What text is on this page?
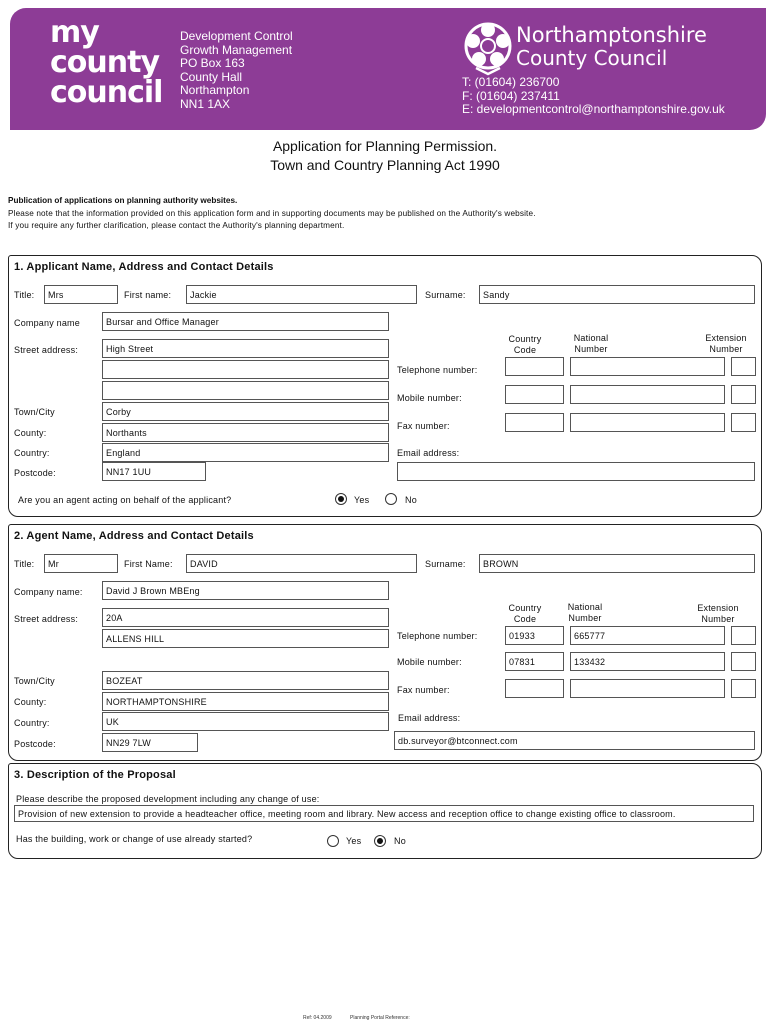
my
county
council
Development Control
Growth Management
PO Box 163
County Hall
Northampton
NN1 1AX
Northamptonshire
County Council
T: (01604) 236700
F: (01604) 237411
E: developmentcontrol@northamptonshire.gov.uk
Application for Planning Permission.
Town and Country Planning Act 1990
Publication of applications on planning authority websites.
Please note that the information provided on this application form and in supporting documents may be published on the Authority's website.
If you require any further clarification, please contact the Authority's planning department.
1. Applicant Name, Address and Contact Details
Title:	Mrs	First name:	Jackie	Surname:	Sandy
Company name	Bursar and Office Manager
Street address:	High Street
Town/City	Corby
County:	Northants
Country:	England
Postcode:	NN17 1UU
Country
Code
National
Number
Extension
Number
Telephone number:
Mobile number:
Fax number:
Email address:
Are you an agent acting on behalf of the applicant?	Yes	No
2. Agent Name, Address and Contact Details
Title:	Mr	First Name:	DAVID	Surname:	BROWN
Company name:	David J Brown MBEng
Street address:	20A
ALLENS HILL
Town/City	BOZEAT
County:	NORTHAMPTONSHIRE
Country:	UK
Postcode:	NN29 7LW
Country
Code
National
Number
Extension
Number
Telephone number:	01933	665777
Mobile number:	07831	133432
Fax number:
Email address:
db.surveyor@btconnect.com
3. Description of the Proposal
Please describe the proposed development including any change of use:
Provision of new extension to provide a headteacher office, meeting room and library. New access and reception office to change existing office to classroom.
Has the building, work or change of use already started?	Yes	No
Ref: 04.2009	Planning Portal Reference:
